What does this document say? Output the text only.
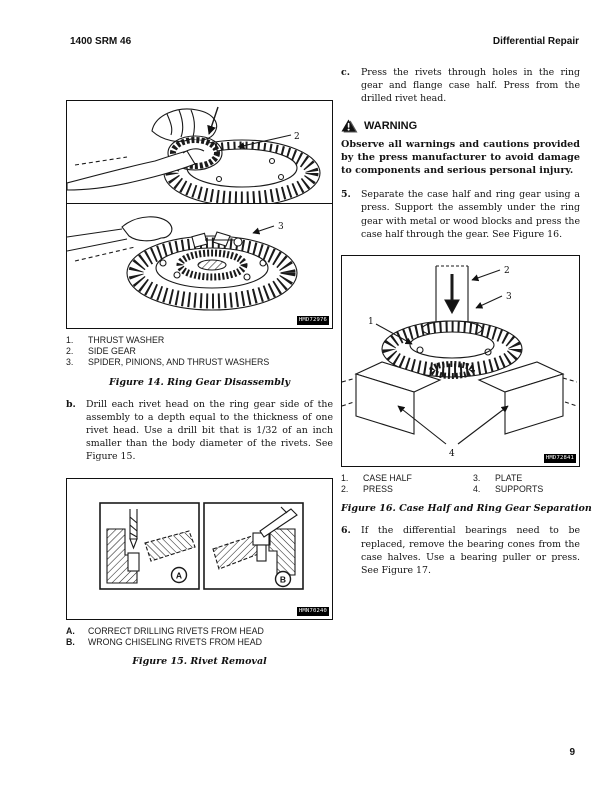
1400 SRM 46	Differential Repair
2
3
HMD72976
1.	THRUST WASHER
2.	SIDE GEAR
3.	SPIDER, PINIONS, AND THRUST WASHERS
Figure 14. Ring Gear Disassembly
b.	Drill each rivet head on the ring gear side of the assembly to a depth equal to the thickness of one rivet head. Use a drill bit that is 1/32 of an inch smaller than the body diameter of the rivets. See Figure 15.
A	B
HMN70240
A.	CORRECT DRILLING RIVETS FROM HEAD
B.	WRONG CHISELING RIVETS FROM HEAD
Figure 15. Rivet Removal
c.	Press the rivets through holes in the ring gear and flange case half. Press from the drilled rivet head.
WARNING
Observe all warnings and cautions provided by the press manufacturer to avoid damage to components and serious personal injury.
5.	Separate the case half and ring gear using a press. Support the assembly under the ring gear with metal or wood blocks and press the case half through the gear. See Figure 16.
2
3
1
4	HMD72841
1.	CASE HALF
2.	PRESS
3.	PLATE
4.	SUPPORTS
Figure 16. Case Half and Ring Gear Separation
6.	If the differential bearings need to be replaced, remove the bearing cones from the case halves. Use a bearing puller or press. See Figure 17.
9
